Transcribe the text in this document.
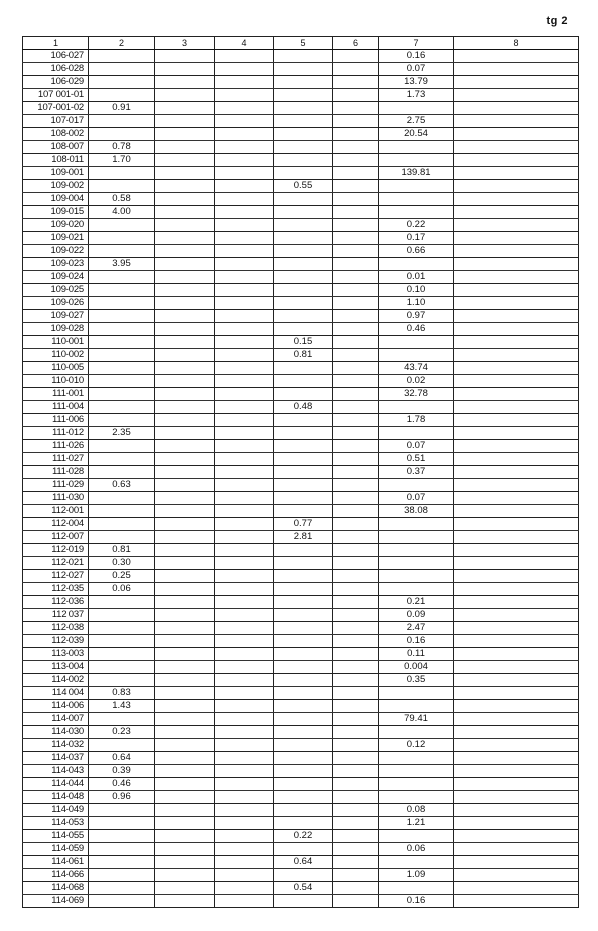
tg 2
1	2	3	4	5	6	7	8
106-027						0.16	
106-028						0.07	
106-029						13.79	
107 001-01						1.73	
107-001-02	0.91						
107-017						2.75	
108-002						20.54	
108-007	0.78						
108-011	1.70						
109-001						139.81	
109-002				0.55			
109-004	0.58						
109-015	4.00						
109-020						0.22	
109-021						0.17	
109-022						0.66	
109-023	3.95						
109-024						0.01	
109-025						0.10	
109-026						1.10	
109-027						0.97	
109-028						0.46	
110-001				0.15			
110-002				0.81			
110-005						43.74	
110-010						0.02	
111-001						32.78	
111-004				0.48			
111-006						1.78	
111-012	2.35						
111-026						0.07	
111-027						0.51	
111-028						0.37	
111-029	0.63						
111-030						0.07	
112-001						38.08	
112-004				0.77			
112-007				2.81			
112-019	0.81						
112-021	0.30						
112-027	0.25						
112-035	0.06						
112-036						0.21	
112 037						0.09	
112-038						2.47	
112-039						0.16	
113-003						0.11	
113-004						0.004	
114-002						0.35	
114 004	0.83						
114-006	1.43						
114-007						79.41	
114-030	0.23						
114-032						0.12	
114-037	0.64						
114-043	0.39						
114-044	0.46						
114-048	0.96						
114-049						0.08	
114-053						1.21	
114-055				0.22			
114-059						0.06	
114-061				0.64			
114-066						1.09	
114-068				0.54			
114-069						0.16	
